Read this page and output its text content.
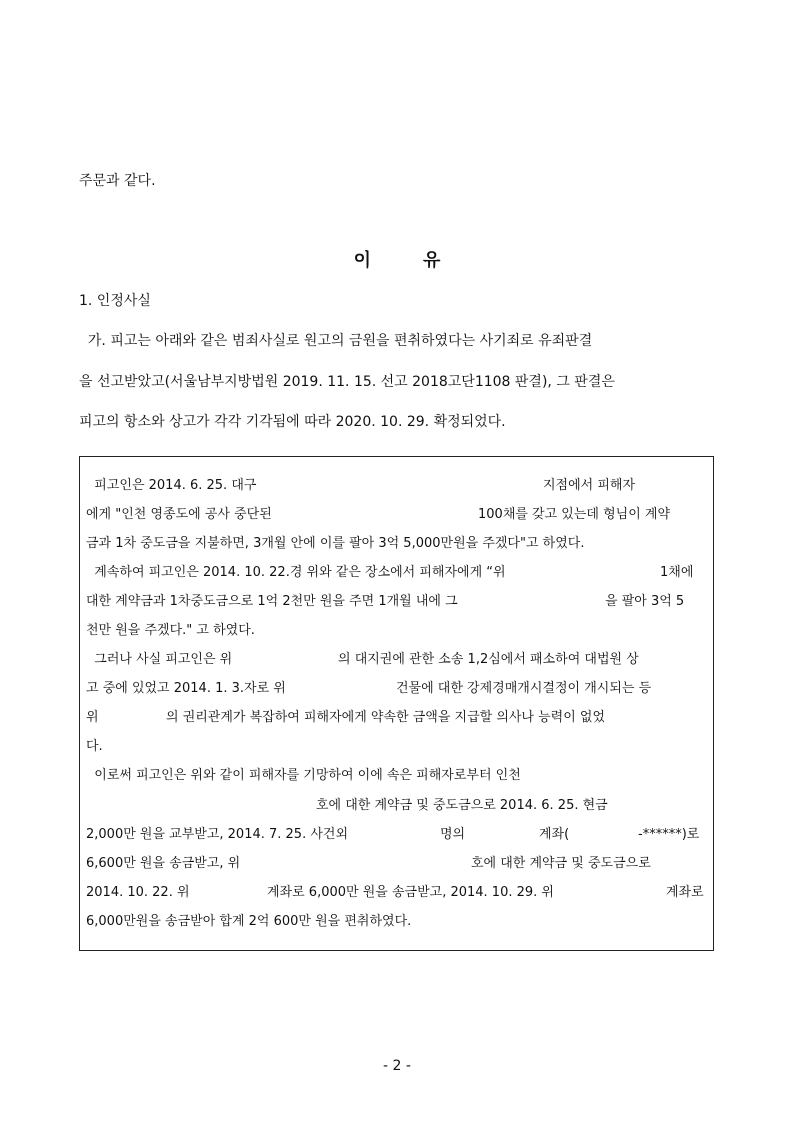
주문과 같다.
이	유
1. 인정사실
가. 피고는 아래와 같은 범죄사실로 원고의 금원을 편취하였다는 사기죄로 유죄판결
을 선고받았고(서울남부지방법원 2019. 11. 15. 선고 2018고단1108 판결), 그 판결은
피고의 항소와 상고가 각각 기각됨에 따라 2020. 10. 29. 확정되었다.
피고인은 2014. 6. 25. 대구	지점에서 피해자
에게 "인천 영종도에 공사 중단된	100채를 갖고 있는데 형님이 계약
금과 1차 중도금을 지불하면, 3개월 안에 이를 팔아 3억 5,000만원을 주겠다"고 하였다.
계속하여 피고인은 2014. 10. 22.경 위와 같은 장소에서 피해자에게 “위	1채에
대한 계약금과 1차중도금으로 1억 2천만 원을 주면 1개월 내에 그	을 팔아 3억 5
천만 원을 주겠다." 고 하였다.
그러나 사실 피고인은 위	의 대지권에 관한 소송 1,2심에서 패소하여 대법원 상
고 중에 있었고 2014. 1. 3.자로 위	건물에 대한 강제경매개시결정이 개시되는 등
위	의 권리관계가 복잡하여 피해자에게 약속한 금액을 지급할 의사나 능력이 없었
다.
이로써 피고인은 위와 같이 피해자를 기망하여 이에 속은 피해자로부터 인천
호에 대한 계약금 및 중도금으로 2014. 6. 25. 현금
2,000만 원을 교부받고, 2014. 7. 25. 사건외	명의	계좌(	-******)로
6,600만 원을 송금받고, 위	호에 대한 계약금 및 중도금으로
2014. 10. 22. 위	계좌로 6,000만 원을 송금받고, 2014. 10. 29. 위	계좌로
6,000만원을 송금받아 합계 2억 600만 원을 편취하였다.
- 2 -
